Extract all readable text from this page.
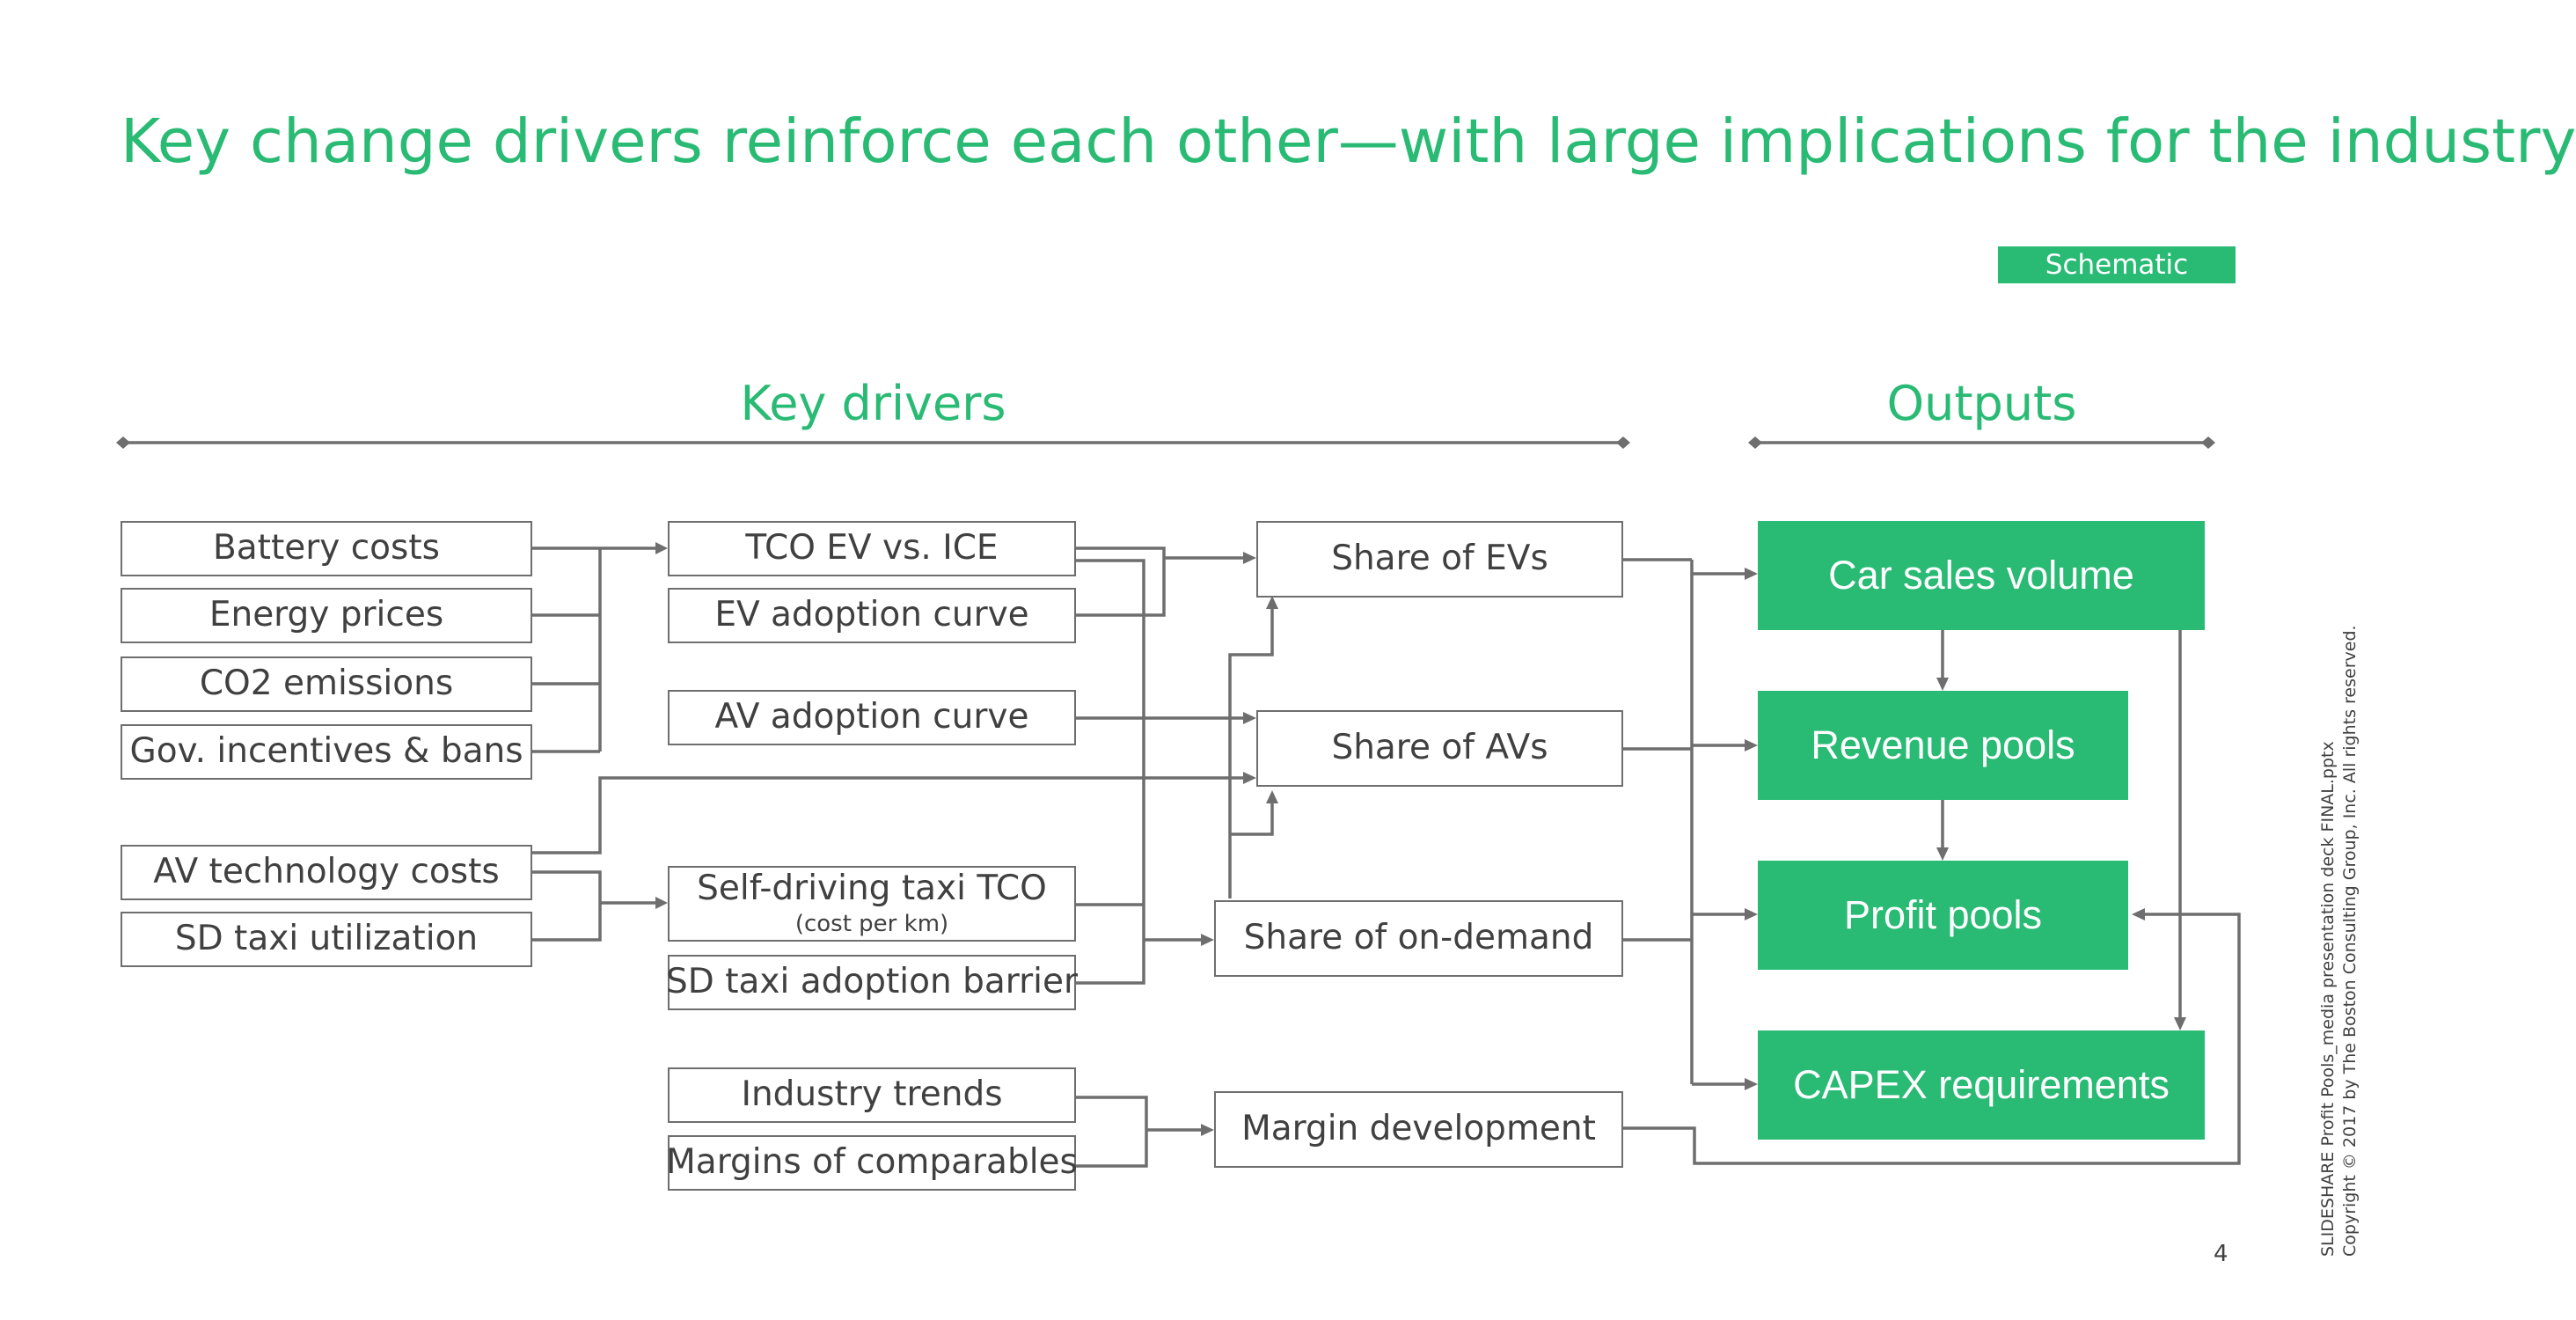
Key change drivers reinforce each other—with large implications for the industry
Schematic
Key drivers	Outputs
Battery costs
Energy prices
CO2 emissions
Gov. incentives & bans
AV technology costs
SD taxi utilization
TCO EV vs. ICE
EV adoption curve
AV adoption curve
Self-driving taxi TCO
(cost per km)
SD taxi adoption barrier
Industry trends
Margins of comparables
Share of EVs
Share of AVs
Share of on-demand
Margin development
Car sales volume
Revenue pools
Profit pools
CAPEX requirements
4	SLIDESHARE Profit Pools_media presentation deck FINAL.pptx Copyright © 2017 by The Boston Consulting Group, Inc. All rights reserved.
